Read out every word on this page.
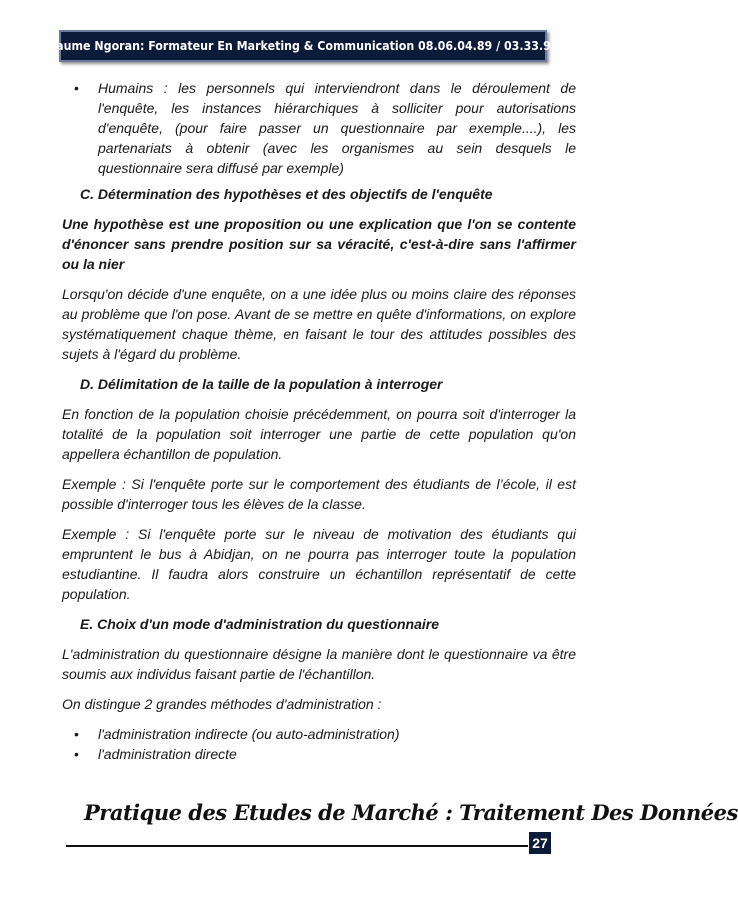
Guillaume Ngoran: Formateur En Marketing & Communication 08.06.04.89 / 03.33.92.09
• Humains : les personnels qui interviendront dans le déroulement de l'enquête, les instances hiérarchiques à solliciter pour autorisations d'enquête, (pour faire passer un questionnaire par exemple....), les partenariats à obtenir (avec les organismes au sein desquels le questionnaire sera diffusé par exemple)

C. Détermination des hypothèses et des objectifs de l'enquête

Une hypothèse est une proposition ou une explication que l'on se contente d'énoncer sans prendre position sur sa véracité, c'est-à-dire sans l'affirmer ou la nier

Lorsqu'on décide d'une enquête, on a une idée plus ou moins claire des réponses au problème que l'on pose. Avant de se mettre en quête d'informations, on explore systématiquement chaque thème, en faisant le tour des attitudes possibles des sujets à l'égard du problème.

D. Délimitation de la taille de la population à interroger

En fonction de la population choisie précédemment, on pourra soit d'interroger la totalité de la population soit interroger une partie de cette population qu'on appellera échantillon de population.

Exemple : Si l'enquête porte sur le comportement des étudiants de l’école, il est possible d'interroger tous les élèves de la classe.

Exemple : Si l'enquête porte sur le niveau de motivation des étudiants qui empruntent le bus à Abidjan, on ne pourra pas interroger toute la population estudiantine. Il faudra alors construire un échantillon représentatif de cette population.

E. Choix d'un mode d'administration du questionnaire

L'administration du questionnaire désigne la manière dont le questionnaire va être soumis aux individus faisant partie de l'échantillon.

On distingue 2 grandes méthodes d'administration :

• l'administration indirecte (ou auto-administration)
• l'administration directe
Pratique des Etudes de Marché : Traitement Des Données
27
